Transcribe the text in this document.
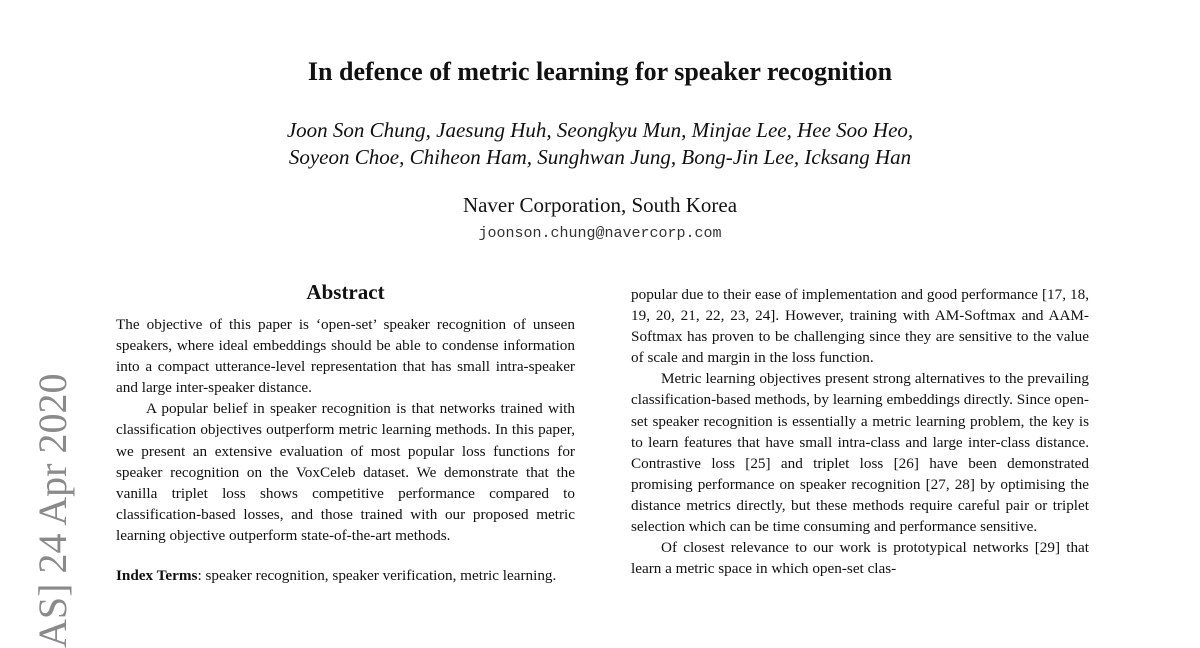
In defence of metric learning for speaker recognition
Joon Son Chung, Jaesung Huh, Seongkyu Mun, Minjae Lee, Hee Soo Heo,
Soyeon Choe, Chiheon Ham, Sunghwan Jung, Bong-Jin Lee, Icksang Han
Naver Corporation, South Korea
joonson.chung@navercorp.com
Abstract

The objective of this paper is ‘open-set’ speaker recognition of unseen speakers, where ideal embeddings should be able to condense information into a compact utterance-level representation that has small intra-speaker and large inter-speaker distance.

A popular belief in speaker recognition is that networks trained with classification objectives outperform metric learning methods. In this paper, we present an extensive evaluation of most popular loss functions for speaker recognition on the VoxCeleb dataset. We demonstrate that the vanilla triplet loss shows competitive performance compared to classification-based losses, and those trained with our proposed metric learning objective outperform state-of-the-art methods.

Index Terms: speaker recognition, speaker verification, metric learning.

popular due to their ease of implementation and good performance [17, 18, 19, 20, 21, 22, 23, 24]. However, training with AM-Softmax and AAM-Softmax has proven to be challenging since they are sensitive to the value of scale and margin in the loss function.

Metric learning objectives present strong alternatives to the prevailing classification-based methods, by learning embeddings directly. Since open-set speaker recognition is essentially a metric learning problem, the key is to learn features that have small intra-class and large inter-class distance. Contrastive loss [25] and triplet loss [26] have been demonstrated promising performance on speaker recognition [27, 28] by optimising the distance metrics directly, but these methods require careful pair or triplet selection which can be time consuming and performance sensitive.

Of closest relevance to our work is prototypical networks [29] that learn a metric space in which open-set clas-

AS] 24 Apr 2020
